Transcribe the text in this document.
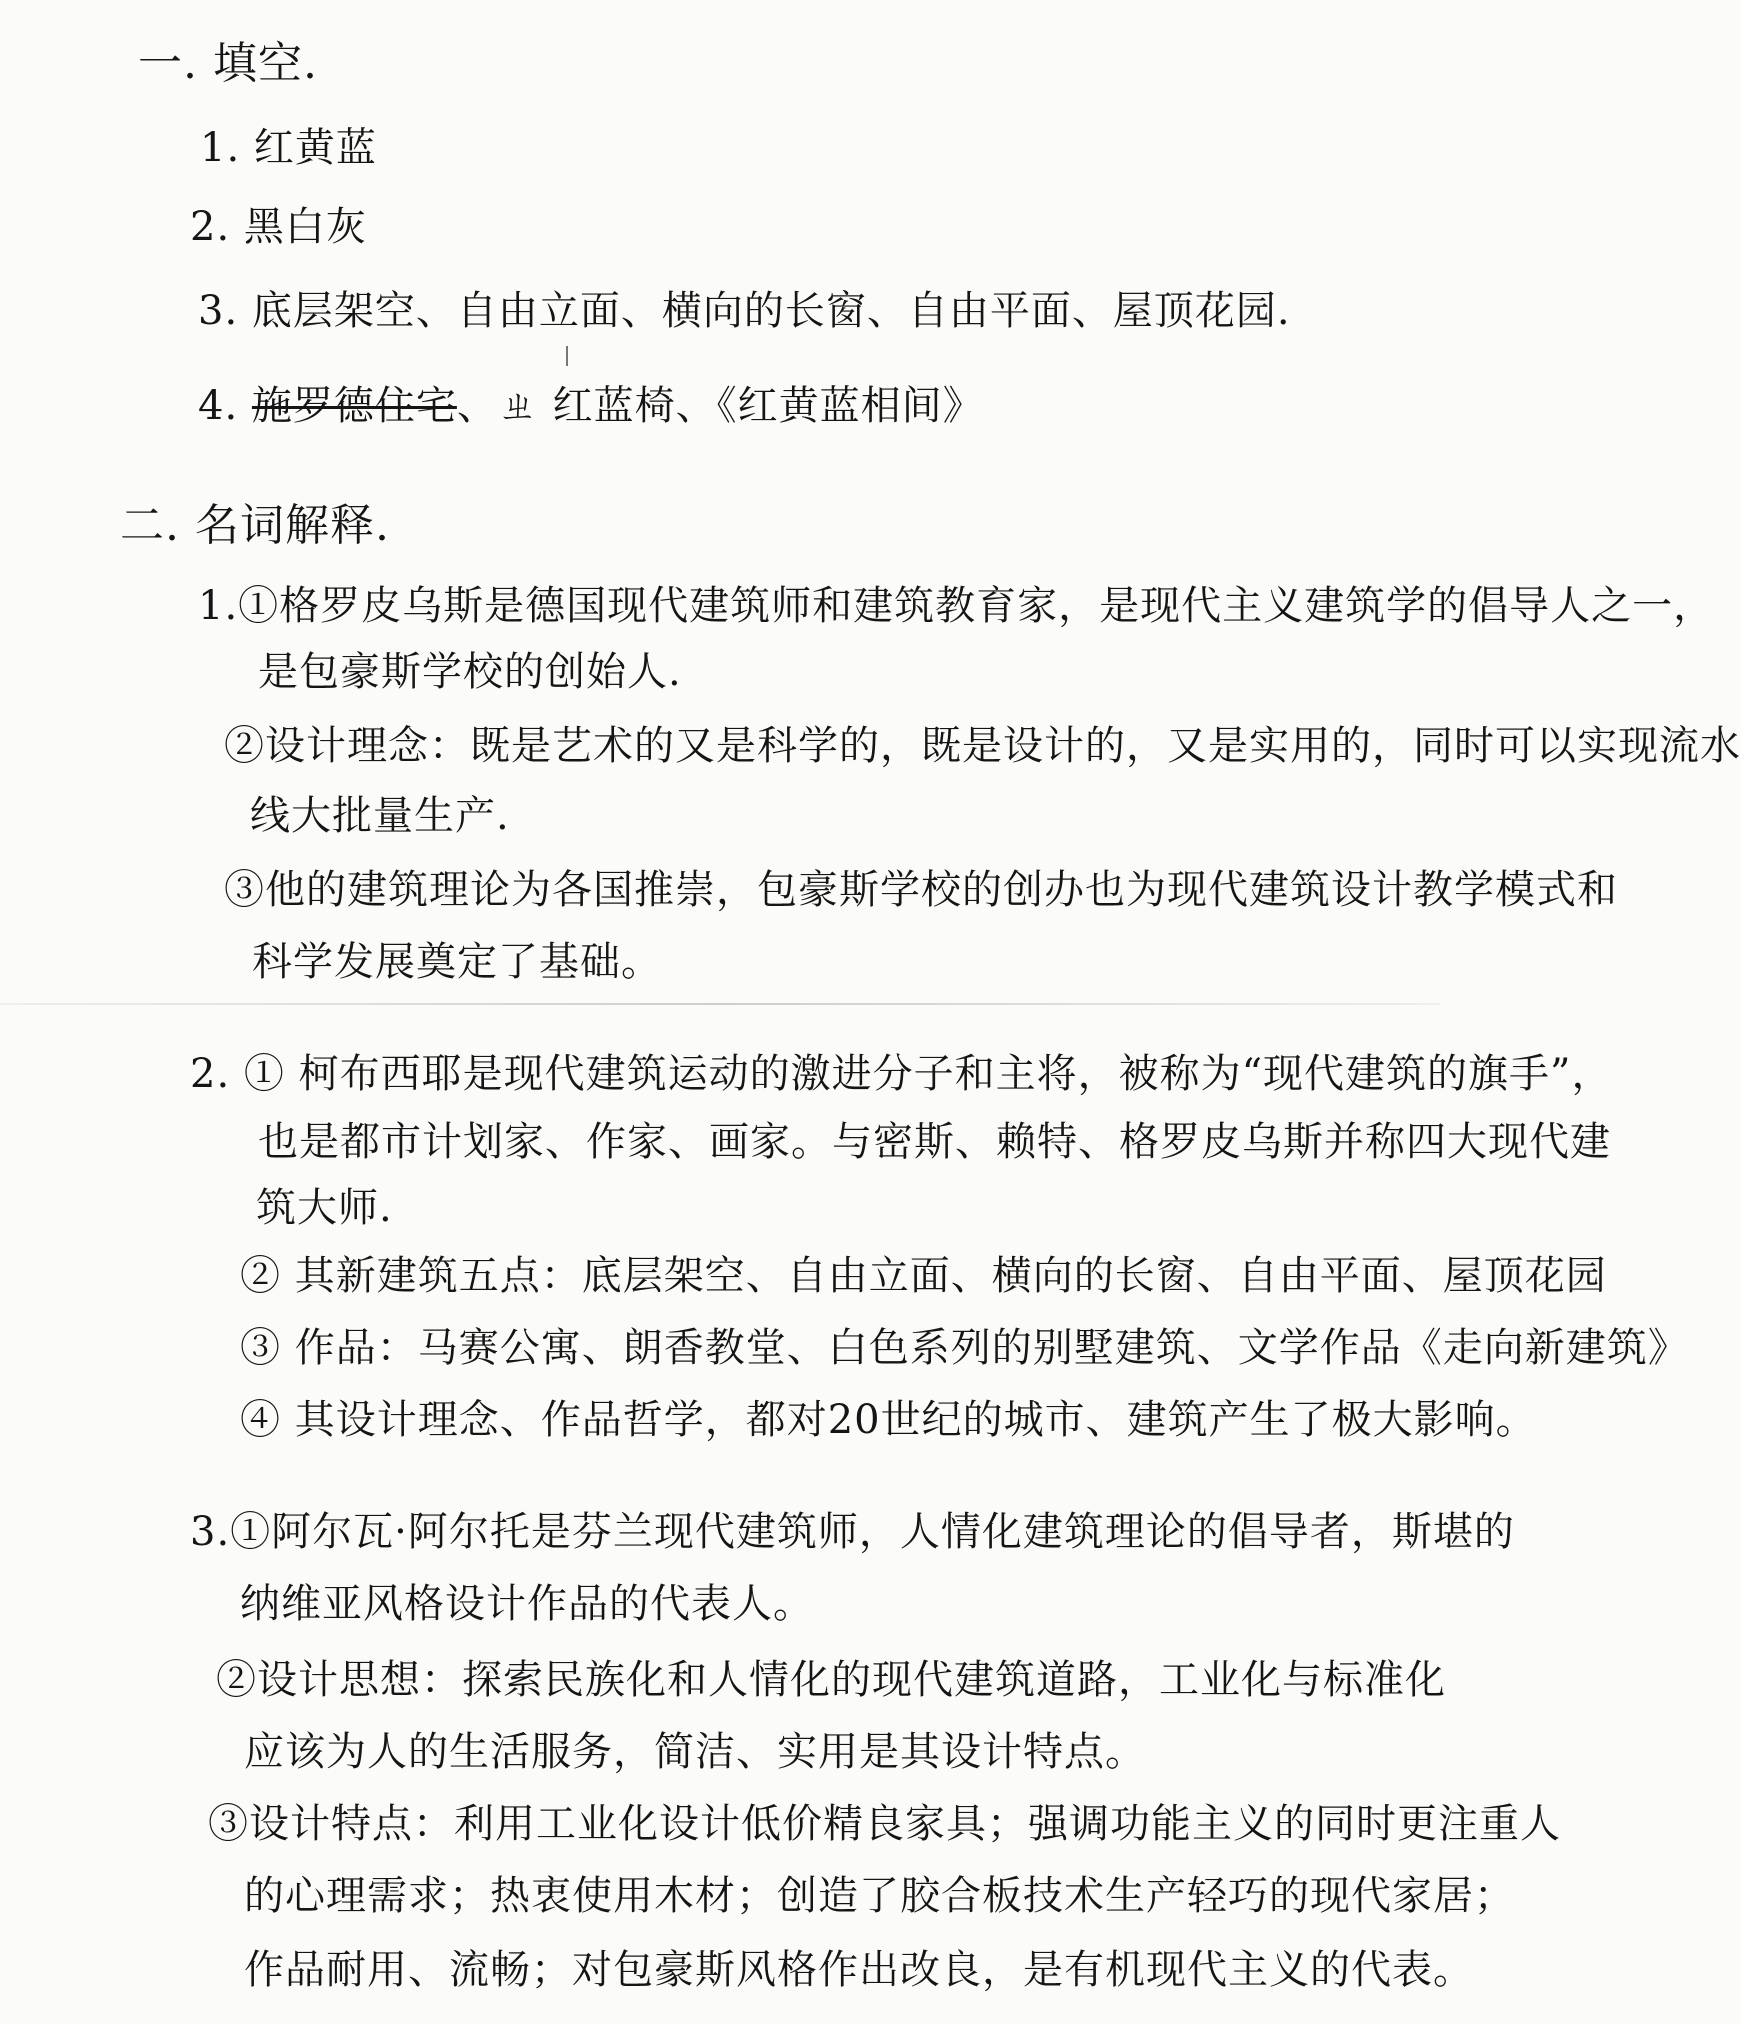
一. 填空.
1. 红黄蓝
2. 黑白灰
3. 底层架空、自由立面、横向的长窗、自由平面、屋顶花园.
4. 施罗德住宅、ㄓ 红蓝椅、《红黄蓝相间》
二. 名词解释.
1.①格罗皮乌斯是德国现代建筑师和建筑教育家，是现代主义建筑学的倡导人之一，
是包豪斯学校的创始人.
②设计理念：既是艺术的又是科学的，既是设计的，又是实用的，同时可以实现流水
线大批量生产.
③他的建筑理论为各国推崇，包豪斯学校的创办也为现代建筑设计教学模式和
科学发展奠定了基础。
2. ① 柯布西耶是现代建筑运动的激进分子和主将，被称为“现代建筑的旗手”，
也是都市计划家、作家、画家。与密斯、赖特、格罗皮乌斯并称四大现代建
筑大师.
② 其新建筑五点：底层架空、自由立面、横向的长窗、自由平面、屋顶花园
③ 作品：马赛公寓、朗香教堂、白色系列的别墅建筑、文学作品《走向新建筑》
④ 其设计理念、作品哲学，都对20世纪的城市、建筑产生了极大影响。
3.①阿尔瓦·阿尔托是芬兰现代建筑师，人情化建筑理论的倡导者，斯堪的
纳维亚风格设计作品的代表人。
②设计思想：探索民族化和人情化的现代建筑道路，工业化与标准化
应该为人的生活服务，简洁、实用是其设计特点。
③设计特点：利用工业化设计低价精良家具；强调功能主义的同时更注重人
的心理需求；热衷使用木材；创造了胶合板技术生产轻巧的现代家居；
作品耐用、流畅；对包豪斯风格作出改良，是有机现代主义的代表。
